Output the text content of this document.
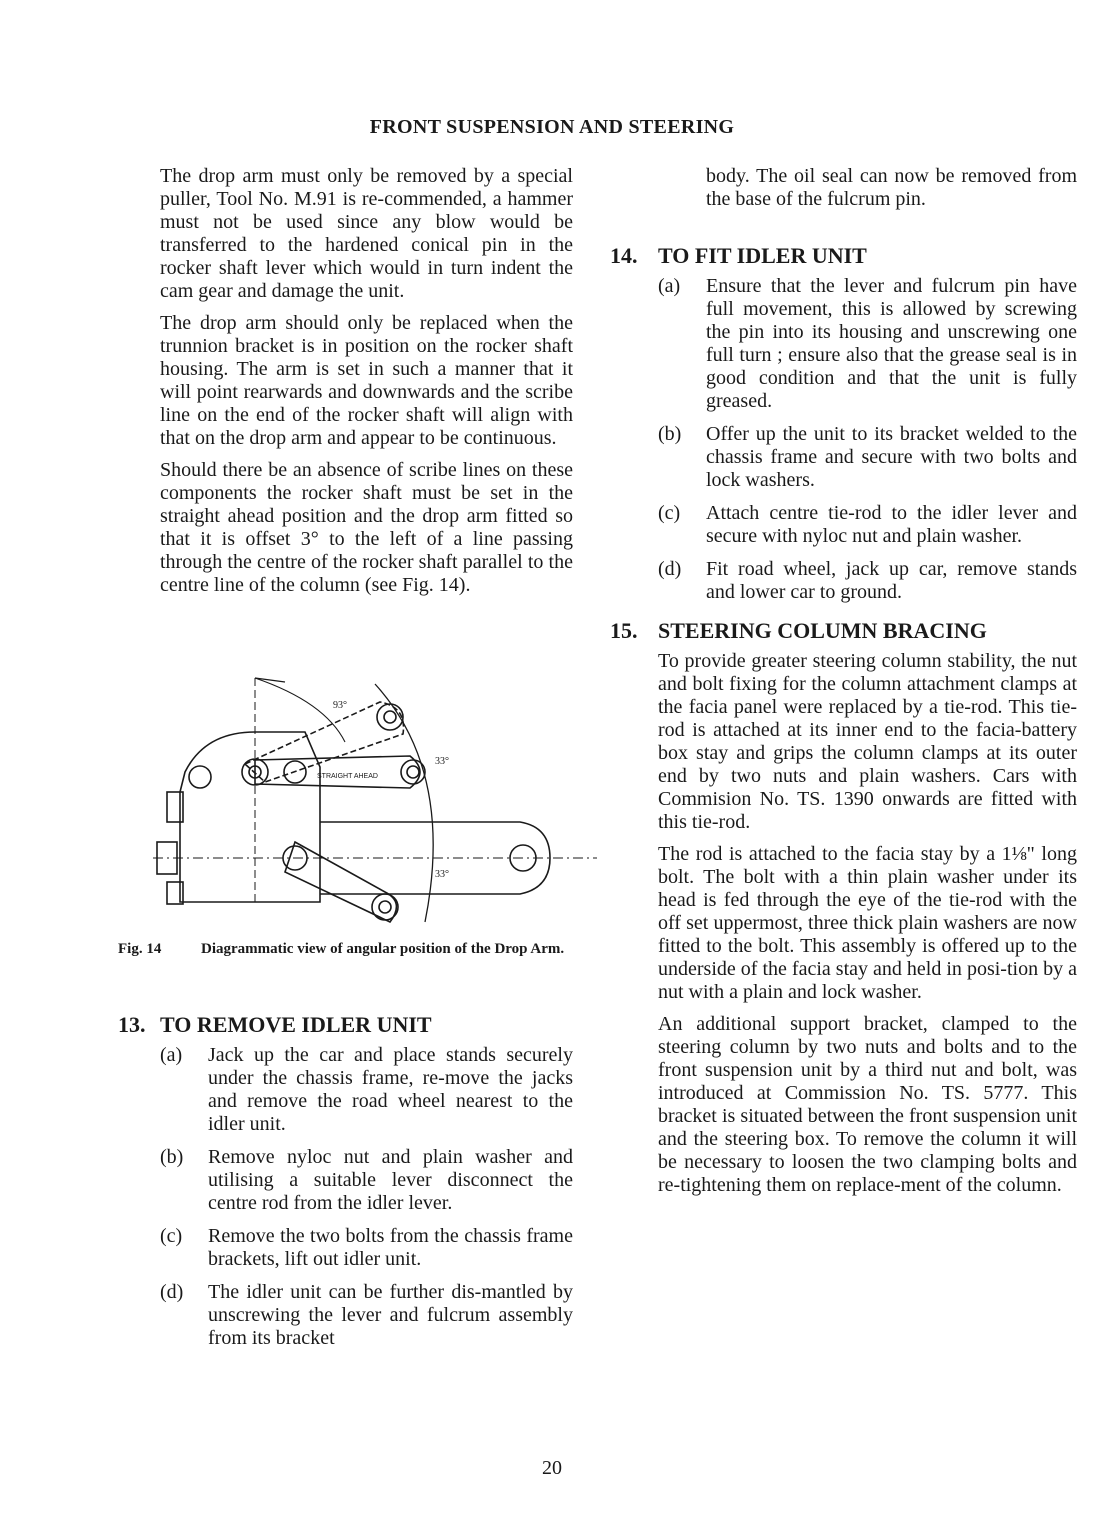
FRONT SUSPENSION AND STEERING

The drop arm must only be removed by a special puller, Tool No. M.91 is re-commended, a hammer must not be used since any blow would be transferred to the hardened conical pin in the rocker shaft lever which would in turn indent the cam gear and damage the unit.

The drop arm should only be replaced when the trunnion bracket is in position on the rocker shaft housing. The arm is set in such a manner that it will point rearwards and downwards and the scribe line on the end of the rocker shaft will align with that on the drop arm and appear to be continuous.

Should there be an absence of scribe lines on these components the rocker shaft must be set in the straight ahead position and the drop arm fitted so that it is offset 3° to the left of a line passing through the centre of the rocker shaft parallel to the centre line of the column (see Fig. 14).

STRAIGHT AHEAD
93°
33°
33°
Fig. 14	Diagrammatic view of angular position of the Drop Arm.
13. TO REMOVE IDLER UNIT
(a)	Jack up the car and place stands securely under the chassis frame, re-move the jacks and remove the road wheel nearest to the idler unit.
(b)	Remove nyloc nut and plain washer and utilising a suitable lever disconnect the centre rod from the idler lever.
(c)	Remove the two bolts from the chassis frame brackets, lift out idler unit.
(d)	The idler unit can be further dis-mantled by unscrewing the lever and fulcrum assembly from its bracket

body. The oil seal can now be removed from the base of the fulcrum pin.

14. TO FIT IDLER UNIT
(a)	Ensure that the lever and fulcrum pin have full movement, this is allowed by screwing the pin into its housing and unscrewing one full turn ; ensure also that the grease seal is in good condition and that the unit is fully greased.
(b)	Offer up the unit to its bracket welded to the chassis frame and secure with two bolts and lock washers.
(c)	Attach centre tie-rod to the idler lever and secure with nyloc nut and plain washer.
(d)	Fit road wheel, jack up car, remove stands and lower car to ground.
15. STEERING COLUMN BRACING

To provide greater steering column stability, the nut and bolt fixing for the column attachment clamps at the facia panel were replaced by a tie-rod. This tie-rod is attached at its inner end to the facia-battery box stay and grips the column clamps at its outer end by two nuts and plain washers. Cars with Commision No. TS. 1390 onwards are fitted with this tie-rod.

The rod is attached to the facia stay by a 1⅛" long bolt. The bolt with a thin plain washer under its head is fed through the eye of the tie-rod with the off set uppermost, three thick plain washers are now fitted to the bolt. This assembly is offered up to the underside of the facia stay and held in posi-tion by a nut with a plain and lock washer.

An additional support bracket, clamped to the steering column by two nuts and bolts and to the front suspension unit by a third nut and bolt, was introduced at Commission No. TS. 5777. This bracket is situated between the front suspension unit and the steering box. To remove the column it will be necessary to loosen the two clamping bolts and re-tightening them on replace-ment of the column.

20
